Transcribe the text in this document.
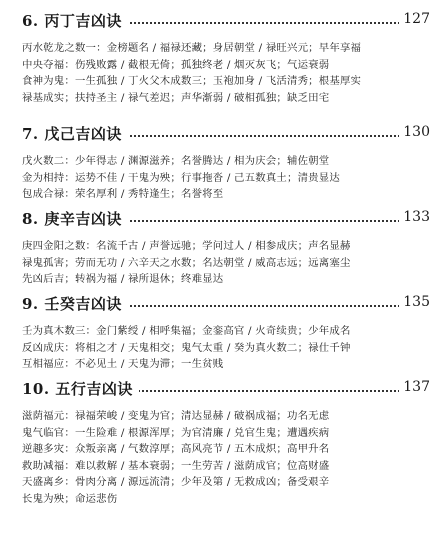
6. 丙丁吉凶诀	127
丙水乾龙之数一：金榜题名 / 福禄还藏；身居朝堂 / 禄旺兴元；早年享福
中央夺福：伤残败露 / 截根无倚；孤独终老 / 烟灭灰飞；气运衰弱
食神为鬼：一生孤独 / 丁火父木成数三；玉袍加身 / 飞活清秀；根基厚实
禄基成实；扶持圣主 / 禄气差迟；声华渐弱 / 破相孤独；缺乏田宅
7. 戊己吉凶诀	130
戊火数二：少年得志 / 渊源滋养；名誉腾达 / 相为庆会；辅佐朝堂
金为相持：运势不佳 / 干鬼为殃；行事拖沓 / 己五数真土；清贵显达
包成合禄：荣名厚利 / 秀特逢生；名誉将至
8. 庚辛吉凶诀	133
庚四金阳之数：名流千古 / 声誉远驰；学问过人 / 相参成庆；声名显赫
禄鬼孤害；劳而无功 / 六辛天之水数；名达朝堂 / 威高志远；远离塞尘
先凶后吉；转祸为福 / 禄所退休；终难显达
9. 壬癸吉凶诀	135
壬为真木数三：金门紫绶 / 相呼集福；金銮高官 / 火奇续贵；少年成名
反凶成庆：将相之才 / 天鬼相交；鬼气太重 / 癸为真火数二；禄仕千钟
互相福应：不必见土 / 天鬼为滞；一生贫贱
10. 五行吉凶诀	137
滋荫福元：禄福荣峻 / 变鬼为官；清达显赫 / 破祸成福；功名无虑
鬼气临官：一生险难 / 根源浑厚；为官清廉 / 兑官生鬼；遭遇疾病
逆趣多灾：众叛亲离 / 气数淳厚；高风亮节 / 五木成炽；高甲升名
救助减福：难以救解 / 基本衰弱；一生劳苦 / 滋荫成官；位高财盛
天盛离乡：骨肉分离 / 源远流清；少年及第 / 无救成凶；备受艰辛
长鬼为殃；命运悲伤
